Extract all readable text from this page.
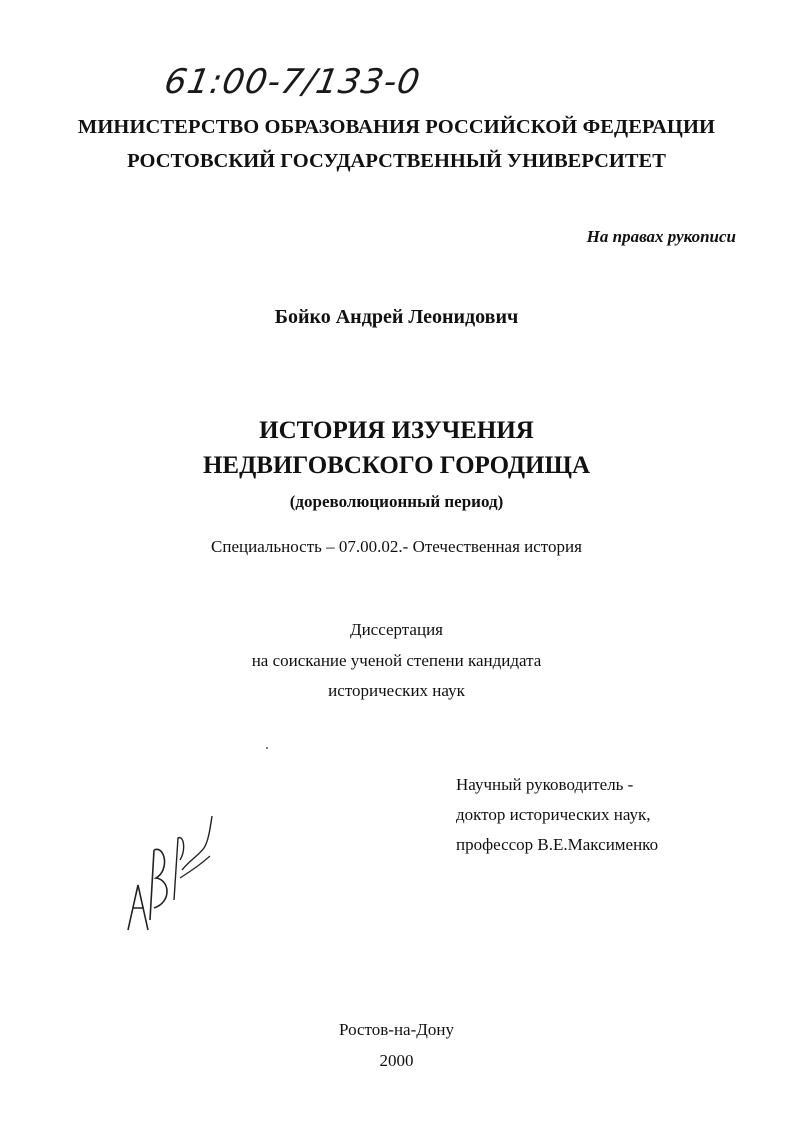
61:00-7/133-0
МИНИСТЕРСТВО ОБРАЗОВАНИЯ РОССИЙСКОЙ ФЕДЕРАЦИИ
РОСТОВСКИЙ ГОСУДАРСТВЕННЫЙ УНИВЕРСИТЕТ
На правах рукописи
Бойко Андрей Леонидович
ИСТОРИЯ ИЗУЧЕНИЯ
НЕДВИГОВСКОГО ГОРОДИЩА
(дореволюционный период)
Специальность – 07.00.02.- Отечественная история
Диссертация
на соискание ученой степени кандидата
исторических наук
Научный руководитель -
доктор исторических наук,
профессор В.Е.Максименко
Ростов-на-Дону
2000
